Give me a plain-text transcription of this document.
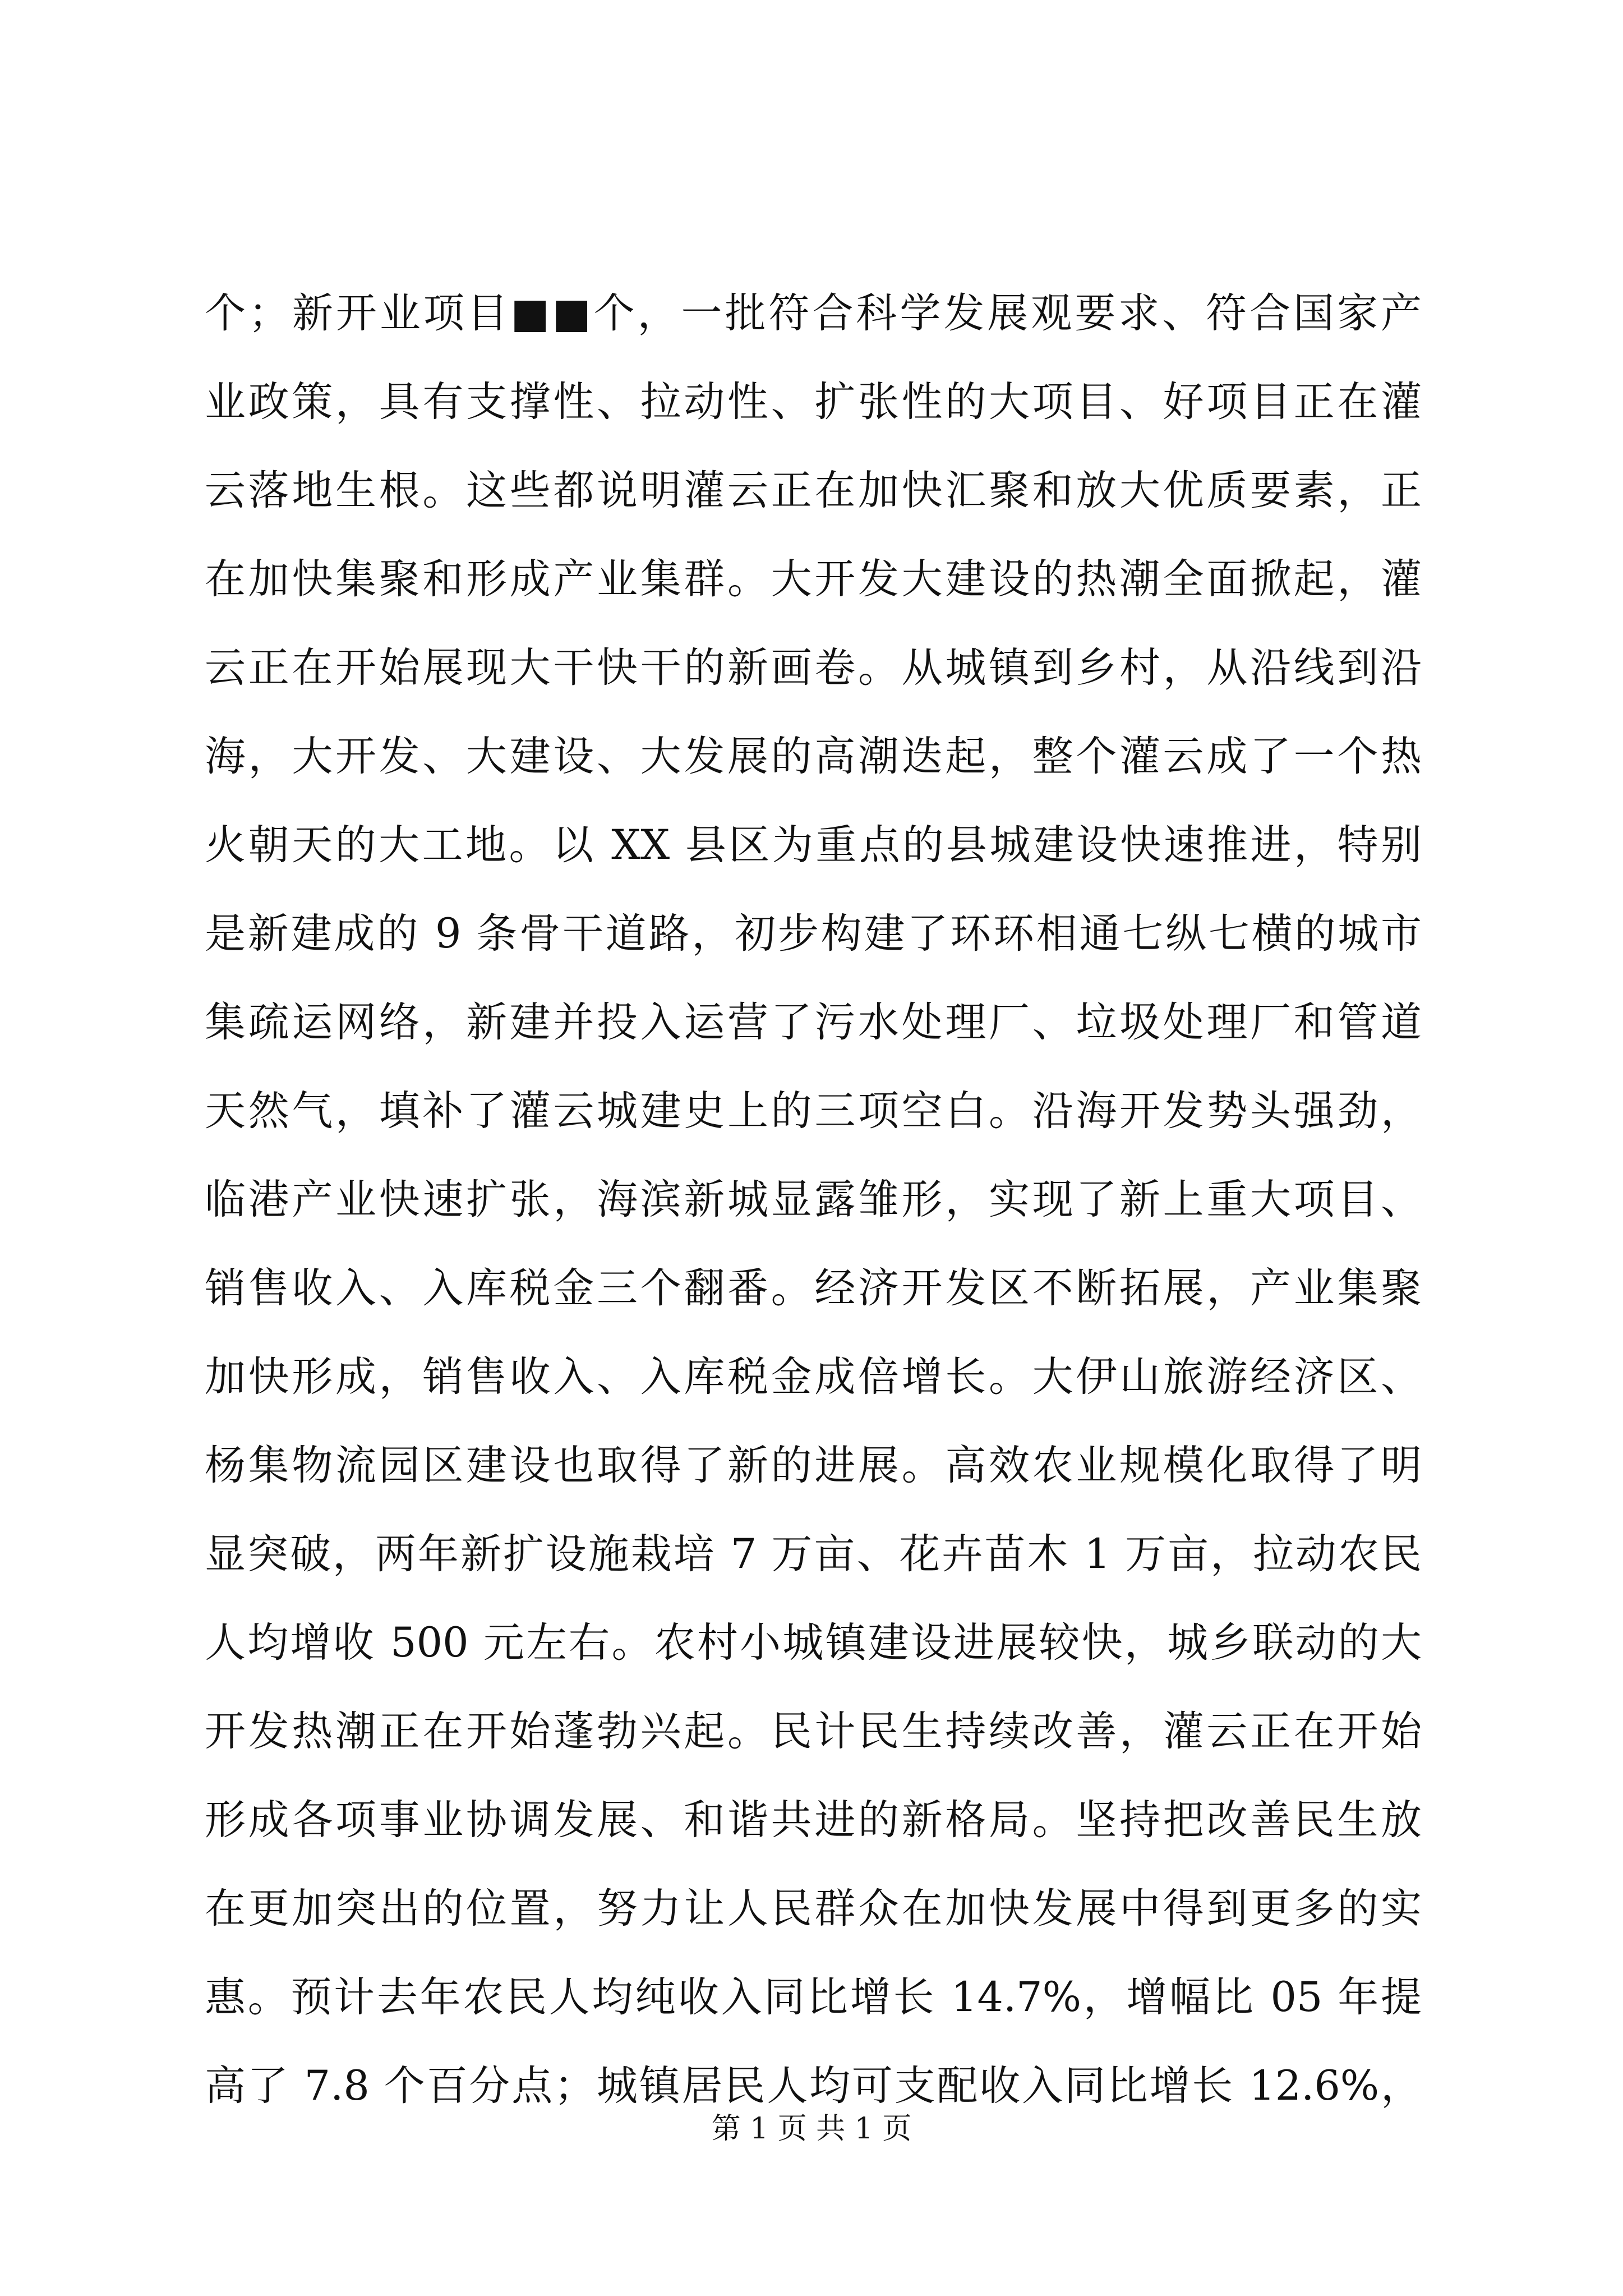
个；新开业项目■■个，一批符合科学发展观要求、符合国家产
业政策，具有支撑性、拉动性、扩张性的大项目、好项目正在灌
云落地生根。这些都说明灌云正在加快汇聚和放大优质要素，正
在加快集聚和形成产业集群。大开发大建设的热潮全面掀起，灌
云正在开始展现大干快干的新画卷。从城镇到乡村，从沿线到沿
海，大开发、大建设、大发展的高潮迭起，整个灌云成了一个热
火朝天的大工地。以 XX 县区为重点的县城建设快速推进，特别
是新建成的 9 条骨干道路，初步构建了环环相通七纵七横的城市
集疏运网络，新建并投入运营了污水处理厂、垃圾处理厂和管道
天然气，填补了灌云城建史上的三项空白。沿海开发势头强劲，
临港产业快速扩张，海滨新城显露雏形，实现了新上重大项目、
销售收入、入库税金三个翻番。经济开发区不断拓展，产业集聚
加快形成，销售收入、入库税金成倍增长。大伊山旅游经济区、
杨集物流园区建设也取得了新的进展。高效农业规模化取得了明
显突破，两年新扩设施栽培 7 万亩、花卉苗木 1 万亩，拉动农民
人均增收 500 元左右。农村小城镇建设进展较快，城乡联动的大
开发热潮正在开始蓬勃兴起。民计民生持续改善，灌云正在开始
形成各项事业协调发展、和谐共进的新格局。坚持把改善民生放
在更加突出的位置，努力让人民群众在加快发展中得到更多的实
惠。预计去年农民人均纯收入同比增长 14.7%，增幅比 05 年提
高了 7.8 个百分点；城镇居民人均可支配收入同比增长 12.6%，
第 1 页 共 1 页
